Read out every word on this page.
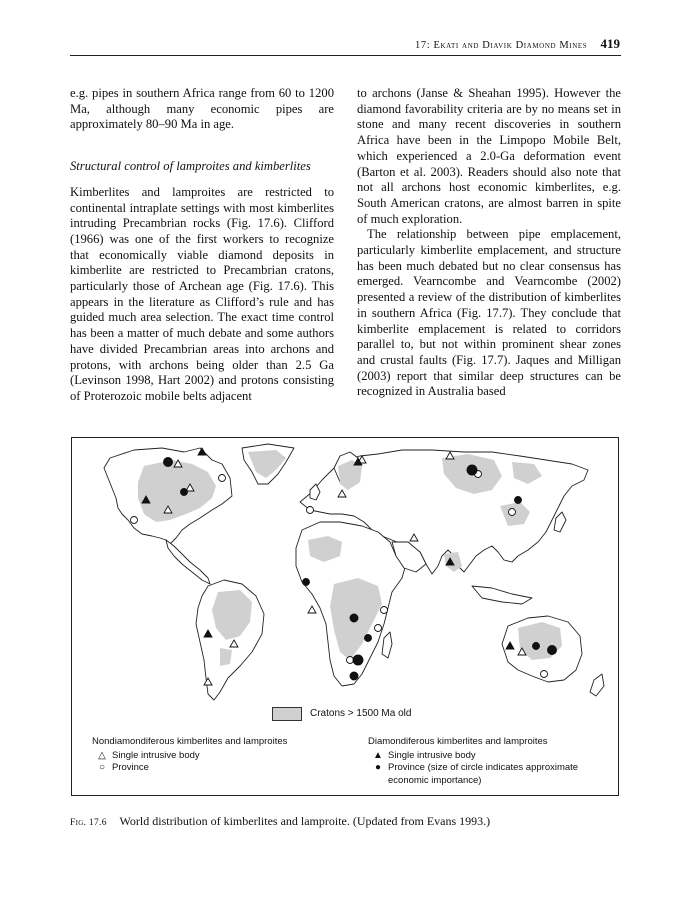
17: Ekati and Diavik Diamond Mines 419

e.g. pipes in southern Africa range from 60 to 1200 Ma, although many economic pipes are approximately 80–90 Ma in age.

Structural control of lamproites and kimberlites

Kimberlites and lamproites are restricted to continental intraplate settings with most kimberlites intruding Precambrian rocks (Fig. 17.6). Clifford (1966) was one of the first workers to recognize that economically viable diamond deposits in kimberlite are restricted to Precambrian cratons, particularly those of Archean age (Fig. 17.6). This appears in the literature as Clifford’s rule and has guided much area selection. The exact time control has been a matter of much debate and some authors have divided Precambrian areas into archons and protons, with archons being older than 2.5 Ga (Levinson 1998, Hart 2002) and protons consisting of Proterozoic mobile belts adjacent

to archons (Janse & Sheahan 1995). However the diamond favorability criteria are by no means set in stone and many recent discoveries in southern Africa have been in the Limpopo Mobile Belt, which experienced a 2.0-Ga deformation event (Barton et al. 2003). Readers should also note that not all archons host economic kimberlites, e.g. South American cratons, are almost barren in spite of much exploration.

The relationship between pipe emplacement, particularly kimberlite emplacement, and structure has been much debated but no clear consensus has emerged. Vearncombe and Vearncombe (2002) presented a review of the distribution of kimberlites in southern Africa (Fig. 17.7). They conclude that kimberlite emplacement is related to corridors parallel to, but not within prominent shear zones and crustal faults (Fig. 17.7). Jaques and Milligan (2003) report that similar deep structures can be recognized in Australia based

Cratons > 1500 Ma old
Nondiamondiferous kimberlites and lamproites
△ Single intrusive body
○ Province
Diamondiferous kimberlites and lamproites
▲ Single intrusive body
● Province (size of circle indicates approximate economic importance)
Fig. 17.6 World distribution of kimberlites and lamproite. (Updated from Evans 1993.)
